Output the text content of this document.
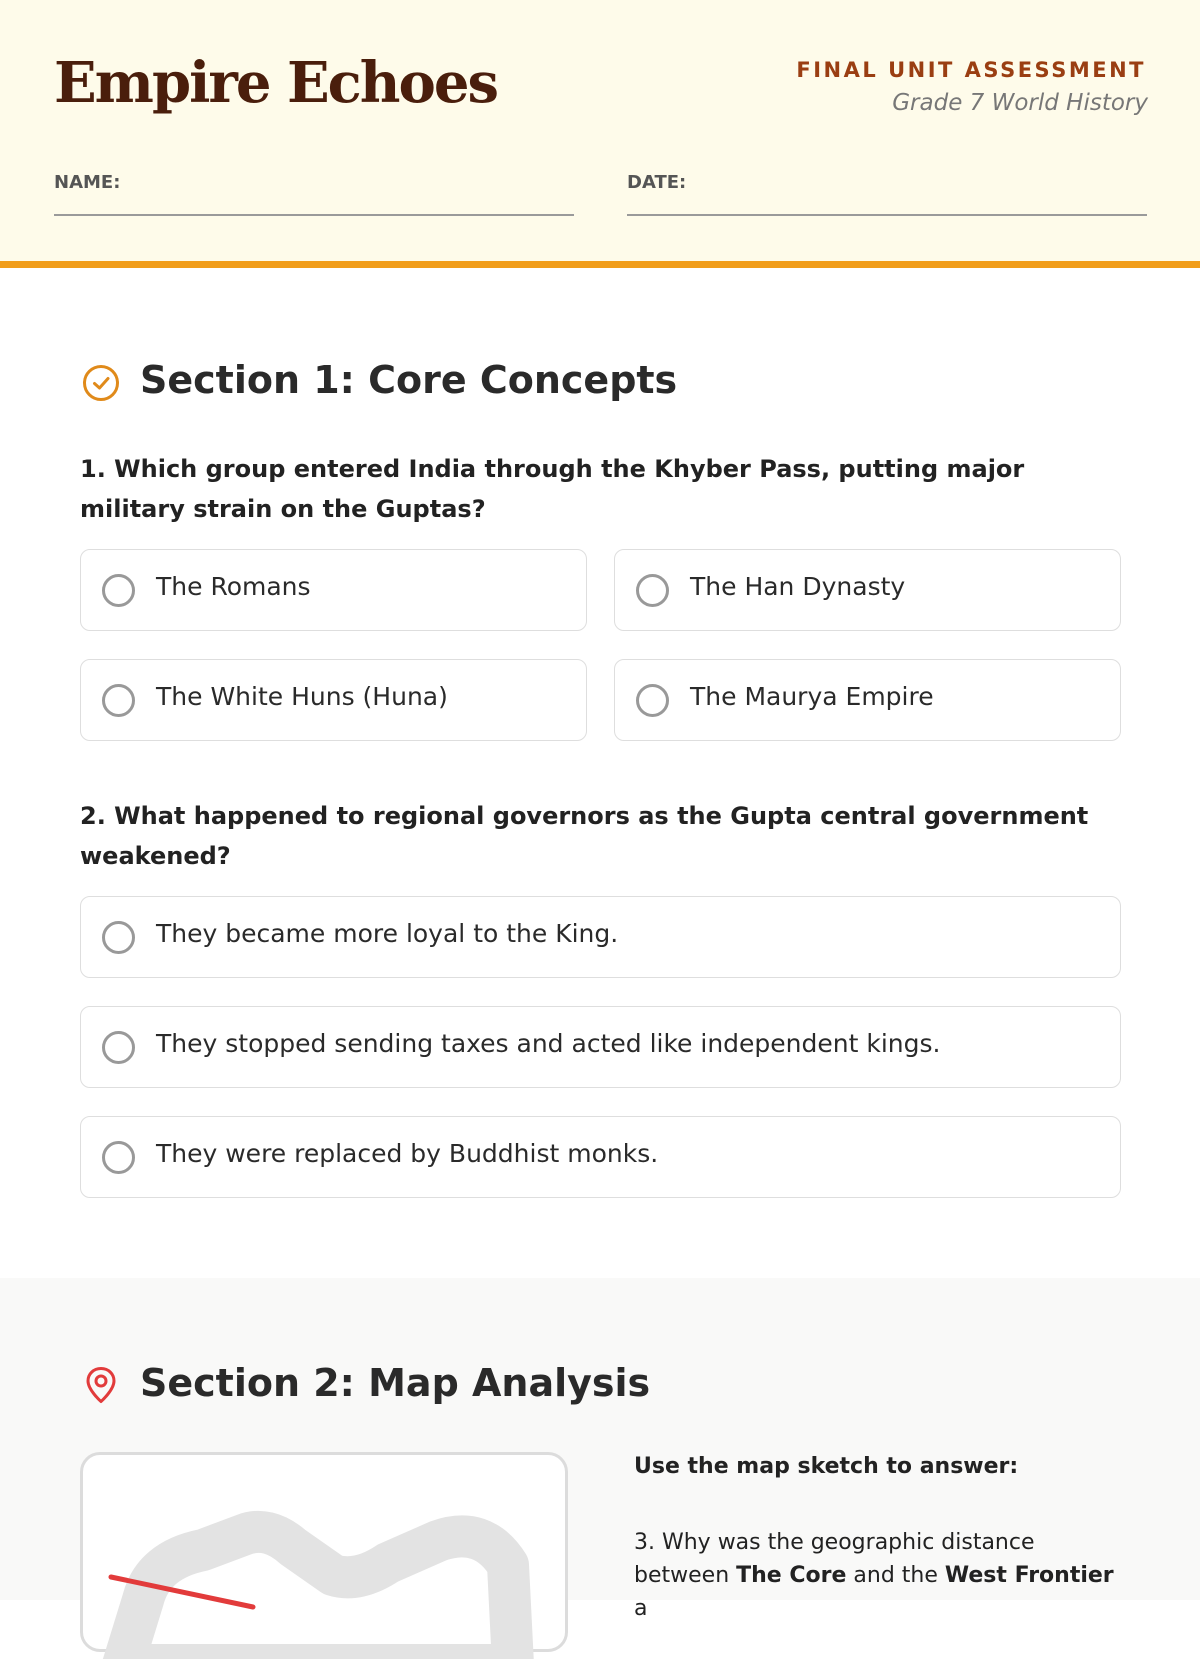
Empire Echoes	FINAL UNIT ASSESSMENT
Grade 7 World History
NAME:	DATE:
Section 1: Core Concepts
1. Which group entered India through the Khyber Pass, putting major military strain on the Guptas?
The Romans	The Han Dynasty
The White Huns (Huna)	The Maurya Empire
2. What happened to regional governors as the Gupta central government weakened?
They became more loyal to the King.
They stopped sending taxes and acted like independent kings.
They were replaced by Buddhist monks.
Section 2: Map Analysis
Use the map sketch to answer:
3. Why was the geographic distance between The Core and the West Frontier a
